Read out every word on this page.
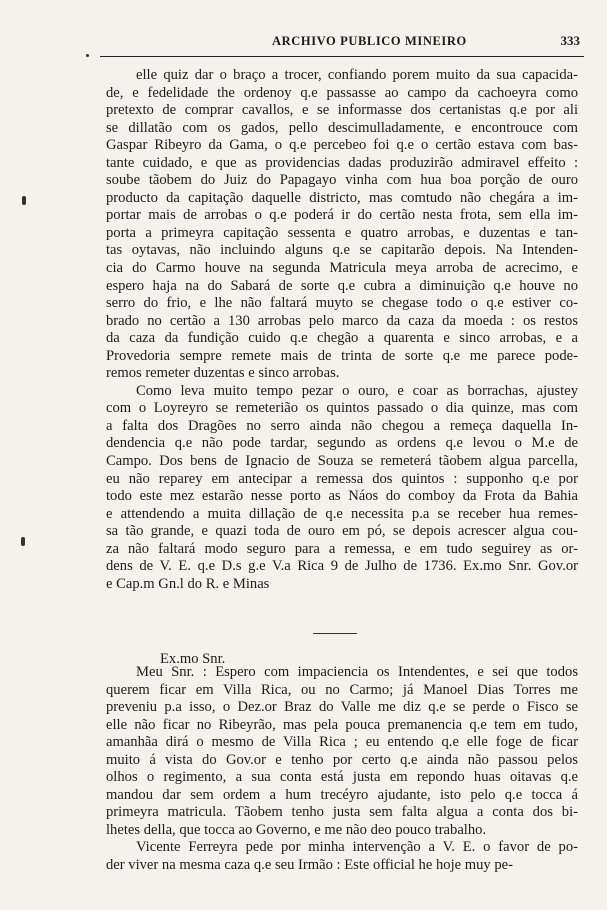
ARCHIVO PUBLICO MINEIRO	333
elle quiz dar o braço a trocer, confiando porem muito da sua capacida-
de, e fedelidade the ordenoy q.e passasse ao campo da cachoeyra como
pretexto de comprar cavallos, e se informasse dos certanistas q.e por ali
se dillatão com os gados, pello descimulladamente, e encontrouce com
Gaspar Ribeyro da Gama, o q.e percebeo foi q.e o certão estava com bas-
tante cuidado, e que as providencias dadas produzirão admiravel effeito :
soube tãobem do Juiz do Papagayo vinha com hua boa porção de ouro
producto da capitação daquelle districto, mas comtudo não chegára a im-
portar mais de arrobas o q.e poderá ir do certão nesta frota, sem ella im-
porta a primeyra capitação sessenta e quatro arrobas, e duzentas e tan-
tas oytavas, não incluindo alguns q.e se capitarão depois. Na Intenden-
cia do Carmo houve na segunda Matricula meya arroba de acrecimo, e
espero haja na do Sabará de sorte q.e cubra a diminuição q.e houve no
serro do frio, e lhe não faltará muyto se chegase todo o q.e estiver co-
brado no certão a 130 arrobas pelo marco da caza da moeda : os restos
da caza da fundição cuido q.e chegão a quarenta e sinco arrobas, e a
Provedoria sempre remete mais de trinta de sorte q.e me parece pode-
remos remeter duzentas e sinco arrobas.
Como leva muito tempo pezar o ouro, e coar as borrachas, ajustey
com o Loyreyro se remeterião os quintos passado o dia quinze, mas com
a falta dos Dragões no serro ainda não chegou a remeça daquella In-
dendencia q.e não pode tardar, segundo as ordens q.e levou o M.e de
Campo. Dos bens de Ignacio de Souza se remeterá tãobem algua parcella,
eu não reparey em antecipar a remessa dos quintos : supponho q.e por
todo este mez estarão nesse porto as Náos do comboy da Frota da Bahia
e attendendo a muita dillação de q.e necessita p.a se receber hua remes-
sa tão grande, e quazi toda de ouro em pó, se depois acrescer algua cou-
za não faltará modo seguro para a remessa, e em tudo seguirey as or-
dens de V. E. q.e D.s g.e V.a Rica 9 de Julho de 1736. Ex.mo Snr. Gov.or
e Cap.m Gn.l do R. e Minas
Ex.mo Snr.
Meu Snr. : Espero com impaciencia os Intendentes, e sei que todos
querem ficar em Villa Rica, ou no Carmo; já Manoel Dias Torres me
preveniu p.a isso, o Dez.or Braz do Valle me diz q.e se perde o Fisco se
elle não ficar no Ribeyrão, mas pela pouca premanencia q.e tem em tudo,
amanhãa dirá o mesmo de Villa Rica ; eu entendo q.e elle foge de ficar
muito á vista do Gov.or e tenho por certo q.e ainda não passou pelos
olhos o regimento, a sua conta está justa em repondo huas oitavas q.e
mandou dar sem ordem a hum trecéyro ajudante, isto pelo q.e tocca á
primeyra matricula. Tãobem tenho justa sem falta algua a conta dos bi-
lhetes della, que tocca ao Governo, e me não deo pouco trabalho.
Vicente Ferreyra pede por minha intervenção a V. E. o favor de po-
der viver na mesma caza q.e seu Irmão : Este official he hoje muy pe-
